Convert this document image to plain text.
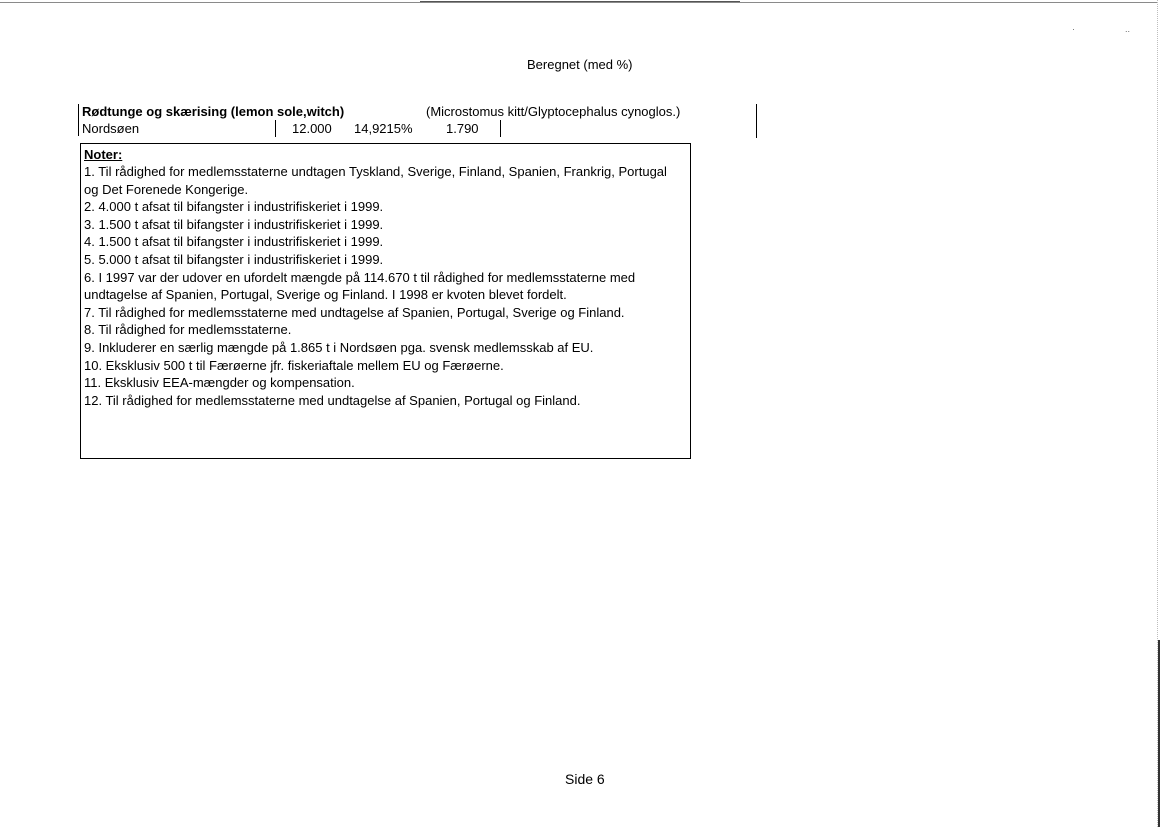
·	..
Beregnet (med %)
Rødtunge og skærising (lemon sole,witch)	(Microstomus kitt/Glyptocephalus cynoglos.)
Nordsøen	12.000 14,9215%	1.790
Noter:
1. Til rådighed for medlemsstaterne undtagen Tyskland, Sverige, Finland, Spanien, Frankrig, Portugal og Det Forenede Kongerige.
2. 4.000 t afsat til bifangster i industrifiskeriet i 1999.
3. 1.500 t afsat til bifangster i industrifiskeriet i 1999.
4. 1.500 t afsat til bifangster i industrifiskeriet i 1999.
5. 5.000 t afsat til bifangster i industrifiskeriet i 1999.
6. I 1997 var der udover en ufordelt mængde på 114.670 t til rådighed for medlemsstaterne med undtagelse af Spanien, Portugal, Sverige og Finland. I 1998 er kvoten blevet fordelt.
7. Til rådighed for medlemsstaterne med undtagelse af Spanien, Portugal, Sverige og Finland.
8. Til rådighed for medlemsstaterne.
9. Inkluderer en særlig mængde på 1.865 t i Nordsøen pga. svensk medlemsskab af EU.
10. Eksklusiv 500 t til Færøerne jfr. fiskeriaftale mellem EU og Færøerne.
11. Eksklusiv EEA-mængder og kompensation.
12. Til rådighed for medlemsstaterne med undtagelse af Spanien, Portugal og Finland.
Side 6
